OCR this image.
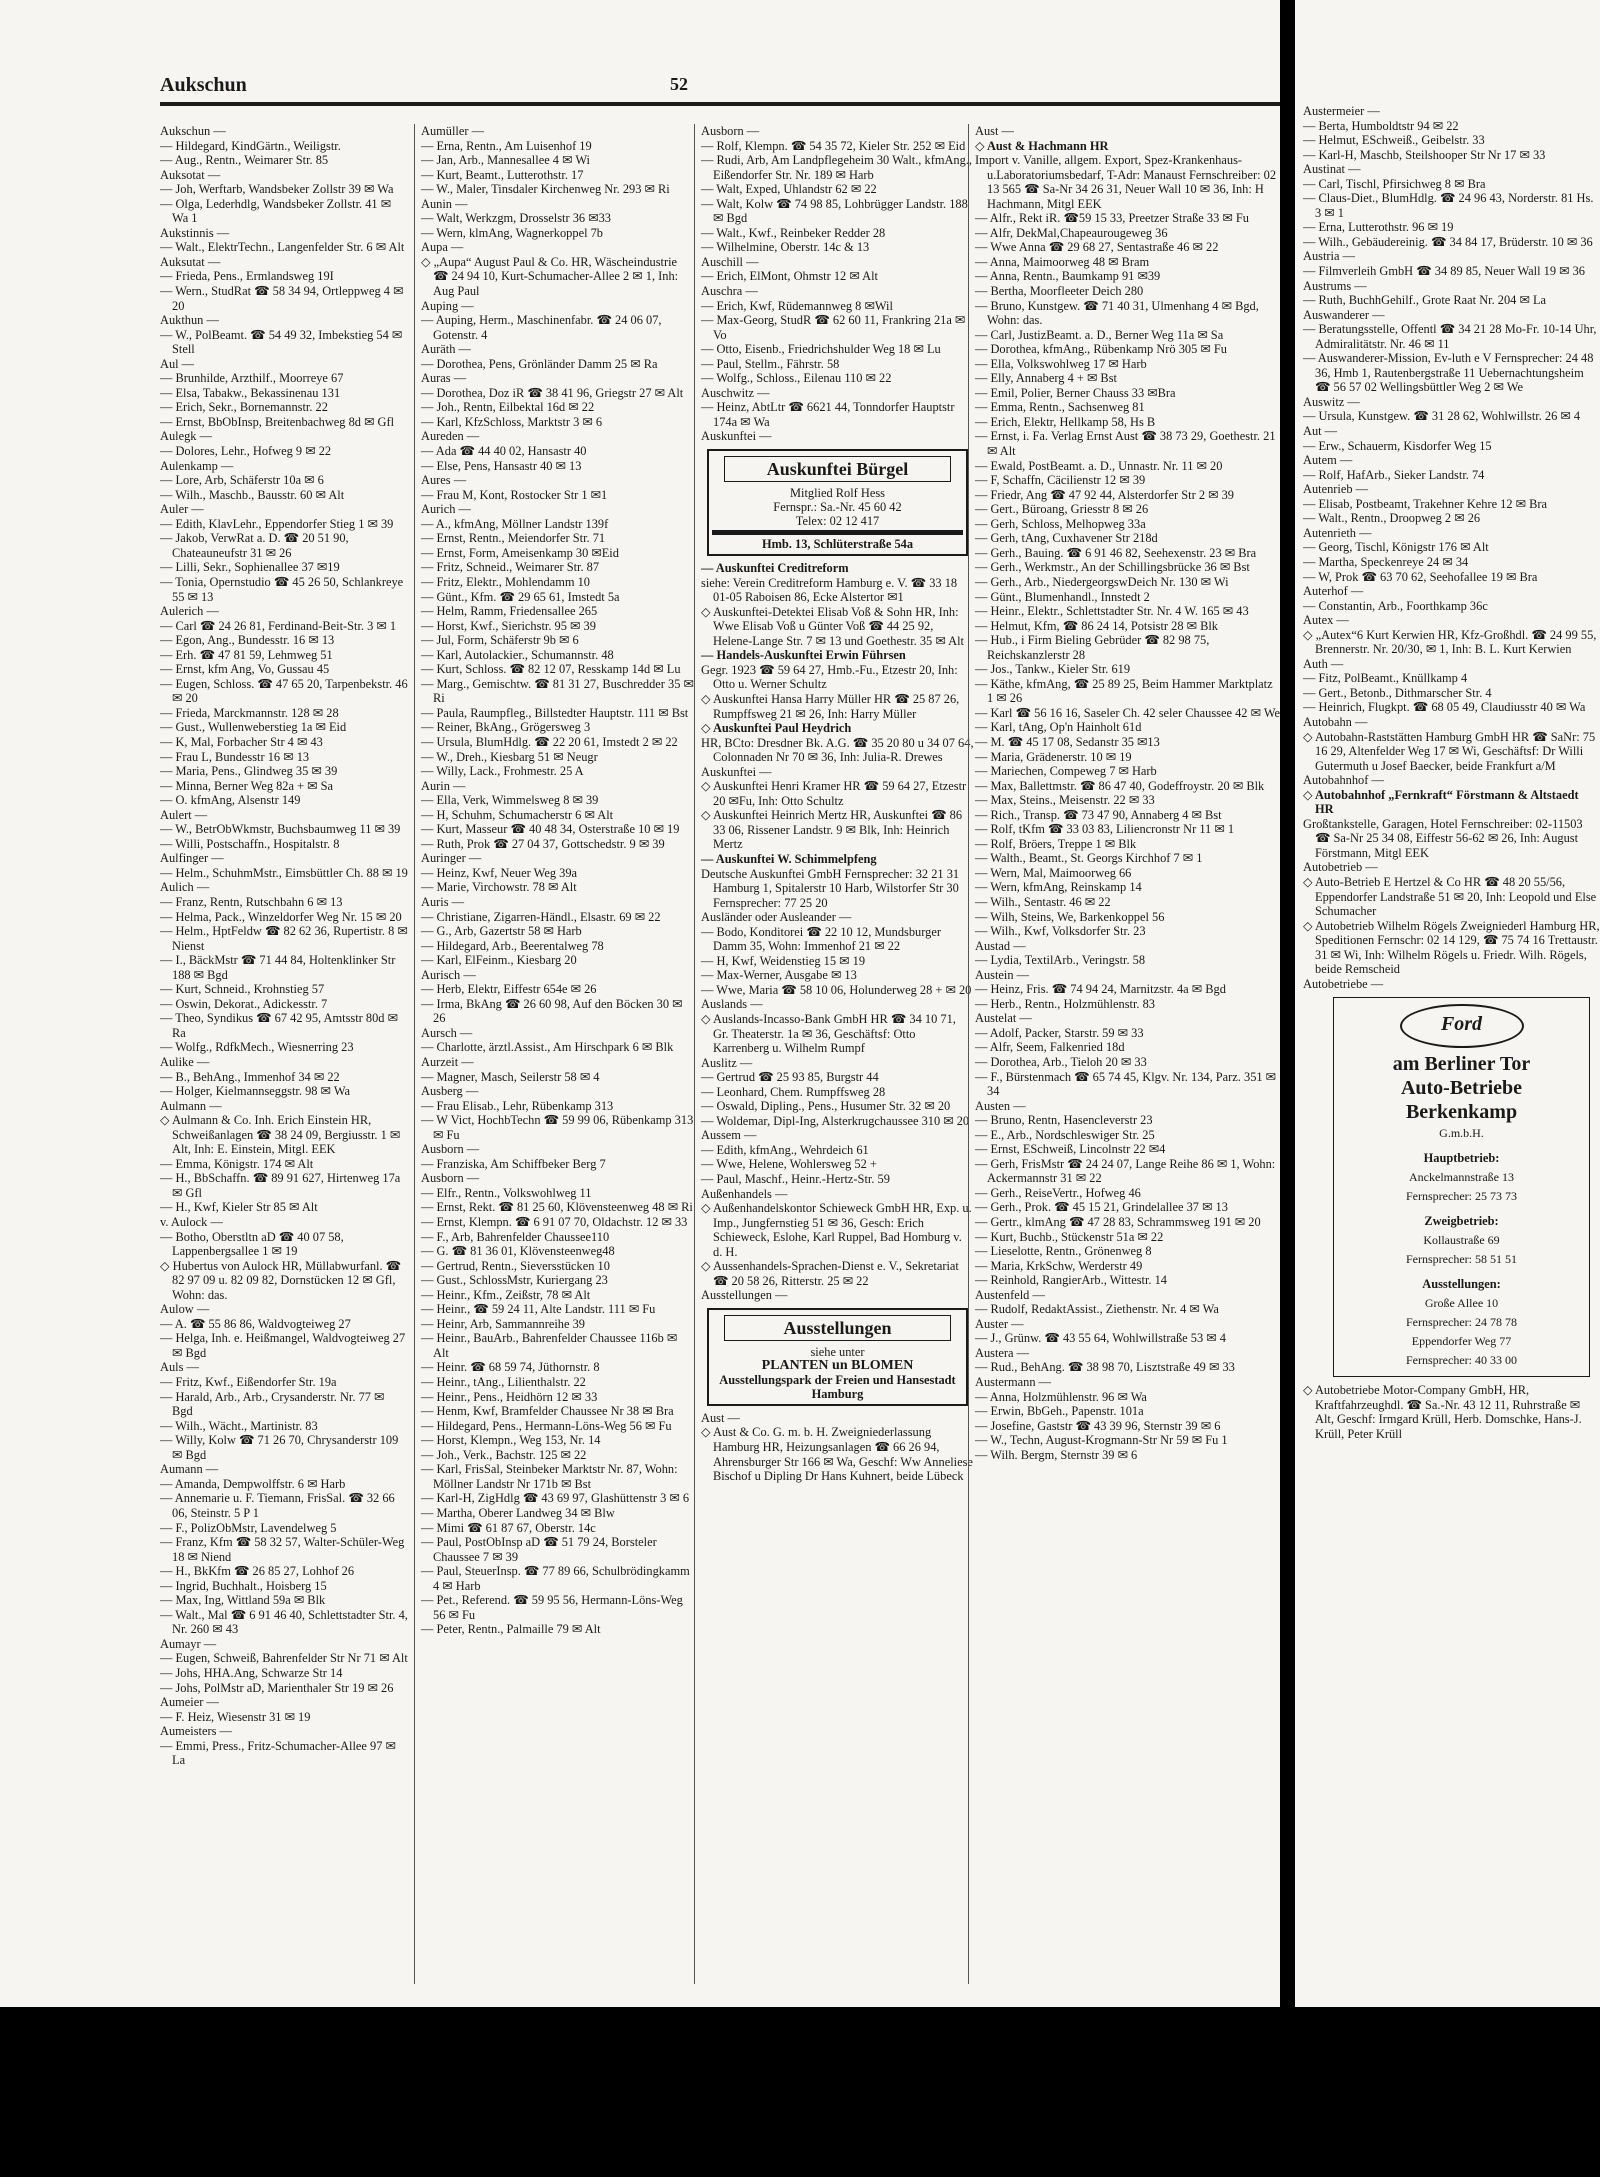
Aukschun	52
Aukschun —
— Hildegard, KindGärtn., Weiligstr.
— Aug., Rentn., Weimarer Str. 85
Auksotat —
— Joh, Werftarb, Wandsbeker Zollstr 39 ✉ Wa
— Olga, Lederhdlg, Wandsbeker Zollstr. 41 ✉ Wa 1
Aukstinnis —
— Walt., ElektrTechn., Langenfelder Str. 6 ✉ Alt
Auksutat —
— Frieda, Pens., Ermlandsweg 19I
— Wern., StudRat ☎ 58 34 94, Ortleppweg 4 ✉ 20
Aukthun —
— W., PolBeamt. ☎ 54 49 32, Imbekstieg 54 ✉ Stell
Aul —
— Brunhilde, Arzthilf., Moorreye 67
— Elsa, Tabakw., Bekassinenau 131
— Erich, Sekr., Bornemannstr. 22
— Ernst, BbObInsp, Breitenbachweg 8d ✉ Gfl
Aulegk —
— Dolores, Lehr., Hofweg 9 ✉ 22
Aulenkamp —
— Lore, Arb, Schäferstr 10a ✉ 6
— Wilh., Maschb., Bausstr. 60 ✉ Alt
Auler —
— Edith, KlavLehr., Eppendorfer Stieg 1 ✉ 39
— Jakob, VerwRat a. D. ☎ 20 51 90, Chateauneufstr 31 ✉ 26
— Lilli, Sekr., Sophienallee 37 ✉19
— Tonia, Opernstudio ☎ 45 26 50, Schlankreye 55 ✉ 13
Aulerich —
— Carl ☎ 24 26 81, Ferdinand-Beit-Str. 3 ✉ 1
— Egon, Ang., Bundesstr. 16 ✉ 13
— Erh. ☎ 47 81 59, Lehmweg 51
— Ernst, kfm Ang, Vo, Gussau 45
— Eugen, Schloss. ☎ 47 65 20, Tarpenbekstr. 46 ✉ 20
— Frieda, Marckmannstr. 128 ✉ 28
— Gust., Wullenweberstieg 1a ✉ Eid
— K, Mal, Forbacher Str 4 ✉ 43
— Frau L, Bundesstr 16 ✉ 13
— Maria, Pens., Glindweg 35 ✉ 39
— Minna, Berner Weg 82a + ✉ Sa
— O. kfmAng, Alsenstr 149
Aulert —
— W., BetrObWkmstr, Buchsbaumweg 11 ✉ 39
— Willi, Postschaffn., Hospitalstr. 8
Aulfinger —
— Helm., SchuhmMstr., Eimsbüttler Ch. 88 ✉ 19
Aulich —
— Franz, Rentn, Rutschbahn 6 ✉ 13
— Helma, Pack., Winzeldorfer Weg Nr. 15 ✉ 20
— Helm., HptFeldw ☎ 82 62 36, Rupertistr. 8 ✉ Nienst
— I., BäckMstr ☎ 71 44 84, Holtenklinker Str 188 ✉ Bgd
— Kurt, Schneid., Krohnstieg 57
— Oswin, Dekorat., Adickesstr. 7
— Theo, Syndikus ☎ 67 42 95, Amtsstr 80d ✉ Ra
— Wolfg., RdfkMech., Wiesnerring 23
Aulike —
— B., BehAng., Immenhof 34 ✉ 22
— Holger, Kielmannseggstr. 98 ✉ Wa
Aulmann —
◇ Aulmann & Co. Inh. Erich Einstein HR, Schweißanlagen ☎ 38 24 09, Bergiusstr. 1 ✉ Alt, Inh: E. Einstein, Mitgl. EEK
— Emma, Königstr. 174 ✉ Alt
— H., BbSchaffn. ☎ 89 91 627, Hirtenweg 17a ✉ Gfl
— H., Kwf, Kieler Str 85 ✉ Alt
v. Aulock —
— Botho, Oberstltn aD ☎ 40 07 58, Lappenbergsallee 1 ✉ 19
◇ Hubertus von Aulock HR, Müllabwurfanl. ☎ 82 97 09 u. 82 09 82, Dornstücken 12 ✉ Gfl, Wohn: das.
Aulow —
— A. ☎ 55 86 86, Waldvogteiweg 27
— Helga, Inh. e. Heißmangel, Waldvogteiweg 27 ✉ Bgd
Auls —
— Fritz, Kwf., Eißendorfer Str. 19a
— Harald, Arb., Arb., Crysanderstr. Nr. 77 ✉ Bgd
— Wilh., Wächt., Martinistr. 83
— Willy, Kolw ☎ 71 26 70, Chrysanderstr 109 ✉ Bgd
Aumann —
— Amanda, Dempwolffstr. 6 ✉ Harb
— Annemarie u. F. Tiemann, FrisSal. ☎ 32 66 06, Steinstr. 5 P 1
— F., PolizObMstr, Lavendelweg 5
— Franz, Kfm ☎ 58 32 57, Walter-Schüler-Weg 18 ✉ Niend
— H., BkKfm ☎ 26 85 27, Lohhof 26
— Ingrid, Buchhalt., Hoisberg 15
— Max, Ing, Wittland 59a ✉ Blk
— Walt., Mal ☎ 6 91 46 40, Schlettstadter Str. 4, Nr. 260 ✉ 43
Aumayr —
— Eugen, Schweiß, Bahrenfelder Str Nr 71 ✉ Alt
— Johs, HHA.Ang, Schwarze Str 14
— Johs, PolMstr aD, Marienthaler Str 19 ✉ 26
Aumeier —
— F. Heiz, Wiesenstr 31 ✉ 19
Aumeisters —
— Emmi, Press., Fritz-Schumacher-Allee 97 ✉ La
Aumüller —
— Erna, Rentn., Am Luisenhof 19
— Jan, Arb., Mannesallee 4 ✉ Wi
— Kurt, Beamt., Lutterothstr. 17
— W., Maler, Tinsdaler Kirchenweg Nr. 293 ✉ Ri
Aunin —
— Walt, Werkzgm, Drosselstr 36 ✉33
— Wern, klmAng, Wagnerkoppel 7b
Aupa —
◇ „Aupa“ August Paul & Co. HR, Wäscheindustrie ☎ 24 94 10, Kurt-Schumacher-Allee 2 ✉ 1, Inh: Aug Paul
Auping —
— Auping, Herm., Maschinenfabr. ☎ 24 06 07, Gotenstr. 4
Auräth —
— Dorothea, Pens, Grönländer Damm 25 ✉ Ra
Auras —
— Dorothea, Doz iR ☎ 38 41 96, Griegstr 27 ✉ Alt
— Joh., Rentn, Eilbektal 16d ✉ 22
— Karl, KfzSchloss, Marktstr 3 ✉ 6
Aureden —
— Ada ☎ 44 40 02, Hansastr 40
— Else, Pens, Hansastr 40 ✉ 13
Aures —
— Frau M, Kont, Rostocker Str 1 ✉1
Aurich —
— A., kfmAng, Möllner Landstr 139f
— Ernst, Rentn., Meiendorfer Str. 71
— Ernst, Form, Ameisenkamp 30 ✉Eid
— Fritz, Schneid., Weimarer Str. 87
— Fritz, Elektr., Mohlendamm 10
— Günt., Kfm. ☎ 29 65 61, Imstedt 5a
— Helm, Ramm, Friedensallee 265
— Horst, Kwf., Sierichstr. 95 ✉ 39
— Jul, Form, Schäferstr 9b ✉ 6
— Karl, Autolackier., Schumannstr. 48
— Kurt, Schloss. ☎ 82 12 07, Resskamp 14d ✉ Lu
— Marg., Gemischtw. ☎ 81 31 27, Buschredder 35 ✉ Ri
— Paula, Raumpfleg., Billstedter Hauptstr. 111 ✉ Bst
— Reiner, BkAng., Grögersweg 3
— Ursula, BlumHdlg. ☎ 22 20 61, Imstedt 2 ✉ 22
— W., Dreh., Kiesbarg 51 ✉ Neugr
— Willy, Lack., Frohmestr. 25 A
Aurin —
— Ella, Verk, Wimmelsweg 8 ✉ 39
— H, Schuhm, Schumacherstr 6 ✉ Alt
— Kurt, Masseur ☎ 40 48 34, Osterstraße 10 ✉ 19
— Ruth, Prok ☎ 27 04 37, Gottschedstr. 9 ✉ 39
Auringer —
— Heinz, Kwf, Neuer Weg 39a
— Marie, Virchowstr. 78 ✉ Alt
Auris —
— Christiane, Zigarren-Händl., Elsastr. 69 ✉ 22
— G., Arb, Gazertstr 58 ✉ Harb
— Hildegard, Arb., Beerentalweg 78
— Karl, ElFeinm., Kiesbarg 20
Aurisch —
— Herb, Elektr, Eiffestr 654e ✉ 26
— Irma, BkAng ☎ 26 60 98, Auf den Böcken 30 ✉ 26
Aursch —
— Charlotte, ärztl.Assist., Am Hirschpark 6 ✉ Blk
Aurzeit —
— Magner, Masch, Seilerstr 58 ✉ 4
Ausberg —
— Frau Elisab., Lehr, Rübenkamp 313
— W Vict, HochbTechn ☎ 59 99 06, Rübenkamp 313 ✉ Fu
Ausborn —
— Franziska, Am Schiffbeker Berg 7
Ausborn —
— Elfr., Rentn., Volkswohlweg 11
— Ernst, Rekt. ☎ 81 25 60, Klövensteenweg 48 ✉ Ri
— Ernst, Klempn. ☎ 6 91 07 70, Oldachstr. 12 ✉ 33
— F., Arb, Bahrenfelder Chaussee110
— G. ☎ 81 36 01, Klövensteenweg48
— Gertrud, Rentn., Sieversstücken 10
— Gust., SchlossMstr, Kuriergang 23
— Heinr., Kfm., Zeißstr, 78 ✉ Alt
— Heinr., ☎ 59 24 11, Alte Landstr. 111 ✉ Fu
— Heinr, Arb, Sammannreihe 39
— Heinr., BauArb., Bahrenfelder Chaussee 116b ✉ Alt
— Heinr. ☎ 68 59 74, Jüthornstr. 8
— Heinr., tAng., Lilienthalstr. 22
— Heinr., Pens., Heidhörn 12 ✉ 33
— Henm, Kwf, Bramfelder Chaussee Nr 38 ✉ Bra
— Hildegard, Pens., Hermann-Löns-Weg 56 ✉ Fu
— Horst, Klempn., Weg 153, Nr. 14
— Joh., Verk., Bachstr. 125 ✉ 22
— Karl, FrisSal, Steinbeker Marktstr Nr. 87, Wohn: Möllner Landstr Nr 171b ✉ Bst
— Karl-H, ZigHdlg ☎ 43 69 97, Glashüttenstr 3 ✉ 6
— Martha, Oberer Landweg 34 ✉ Blw
— Mimi ☎ 61 87 67, Oberstr. 14c
— Paul, PostObInsp aD ☎ 51 79 24, Borsteler Chaussee 7 ✉ 39
— Paul, SteuerInsp. ☎ 77 89 66, Schulbrödingkamm 4 ✉ Harb
— Pet., Referend. ☎ 59 95 56, Hermann-Löns-Weg 56 ✉ Fu
— Peter, Rentn., Palmaille 79 ✉ Alt
Ausborn —
— Rolf, Klempn. ☎ 54 35 72, Kieler Str. 252 ✉ Eid
— Rudi, Arb, Am Landpflegeheim 30 Walt., kfmAng., Eißendorfer Str. Nr. 189 ✉ Harb
— Walt, Exped, Uhlandstr 62 ✉ 22
— Walt, Kolw ☎ 74 98 85, Lohbrügger Landstr. 188 ✉ Bgd
— Walt., Kwf., Reinbeker Redder 28
— Wilhelmine, Oberstr. 14c & 13
Auschill —
— Erich, ElMont, Ohmstr 12 ✉ Alt
Auschra —
— Erich, Kwf, Rüdemannweg 8 ✉Wil
— Max-Georg, StudR ☎ 62 60 11, Frankring 21a ✉ Vo
— Otto, Eisenb., Friedrichshulder Weg 18 ✉ Lu
— Paul, Stellm., Fährstr. 58
— Wolfg., Schloss., Eilenau 110 ✉ 22
Auschwitz —
— Heinz, AbtLtr ☎ 6621 44, Tonndorfer Hauptstr 174a ✉ Wa
Auskunftei —
Auskunftei Bürgel
Mitglied Rolf Hess
Fernspr.: Sa.-Nr. 45 60 42
Telex: 02 12 417
Hmb. 13, Schlüterstraße 54a
— Auskunftei Creditreform
siehe: Verein Creditreform Hamburg e. V. ☎ 33 18 01-05 Raboisen 86, Ecke Alstertor ✉1
◇ Auskunftei-Detektei Elisab Voß & Sohn HR, Inh: Wwe Elisab Voß u Günter Voß ☎ 44 25 92, Helene-Lange Str. 7 ✉ 13 und Goethestr. 35 ✉ Alt
— Handels-Auskunftei Erwin Führsen
Gegr. 1923 ☎ 59 64 27, Hmb.-Fu., Etzestr 20, Inh: Otto u. Werner Schultz
◇ Auskunftei Hansa Harry Müller HR ☎ 25 87 26, Rumpffsweg 21 ✉ 26, Inh: Harry Müller
◇ Auskunftei Paul Heydrich
HR, BCto: Dresdner Bk. A.G. ☎ 35 20 80 u 34 07 64, Colonnaden Nr 70 ✉ 36, Inh: Julia-R. Drewes
Auskunftei —
◇ Auskunftei Henri Kramer HR ☎ 59 64 27, Etzestr 20 ✉Fu, Inh: Otto Schultz
◇ Auskunftei Heinrich Mertz HR, Auskunftei ☎ 86 33 06, Rissener Landstr. 9 ✉ Blk, Inh: Heinrich Mertz
— Auskunftei W. Schimmelpfeng
Deutsche Auskunftei GmbH Fernsprecher: 32 21 31 Hamburg 1, Spitalerstr 10 Harb, Wilstorfer Str 30 Fernsprecher: 77 25 20
Ausländer oder Ausleander —
— Bodo, Konditorei ☎ 22 10 12, Mundsburger Damm 35, Wohn: Immenhof 21 ✉ 22
— H, Kwf, Weidenstieg 15 ✉ 19
— Max-Werner, Ausgabe ✉ 13
— Wwe, Maria ☎ 58 10 06, Holunderweg 28 + ✉ 20
Auslands —
◇ Auslands-Incasso-Bank GmbH HR ☎ 34 10 71, Gr. Theaterstr. 1a ✉ 36, Geschäftsf: Otto Karrenberg u. Wilhelm Rumpf
Auslitz —
— Gertrud ☎ 25 93 85, Burgstr 44
— Leonhard, Chem. Rumpffsweg 28
— Oswald, Dipling., Pens., Husumer Str. 32 ✉ 20
— Woldemar, Dipl-Ing, Alsterkrugchaussee 310 ✉ 20
Aussem —
— Edith, kfmAng., Wehrdeich 61
— Wwe, Helene, Wohlersweg 52 +
— Paul, Maschf., Heinr.-Hertz-Str. 59
Außenhandels —
◇ Außenhandelskontor Schieweck GmbH HR, Exp. u. Imp., Jungfernstieg 51 ✉ 36, Gesch: Erich Schieweck, Eslohe, Karl Ruppel, Bad Homburg v. d. H.
◇ Aussenhandels-Sprachen-Dienst e. V., Sekretariat ☎ 20 58 26, Ritterstr. 25 ✉ 22
Ausstellungen —
Ausstellungen
siehe unter
PLANTEN un BLOMEN
Ausstellungspark der Freien und Hansestadt Hamburg
Aust —
◇ Aust & Co. G. m. b. H. Zweigniederlassung Hamburg HR, Heizungsanlagen ☎ 66 26 94, Ahrensburger Str 166 ✉ Wa, Geschf: Ww Anneliese Bischof u Dipling Dr Hans Kuhnert, beide Lübeck
Aust —
◇ Aust & Hachmann HR
Import v. Vanille, allgem. Export, Spez-Krankenhaus-u.Laboratoriumsbedarf, T-Adr: Manaust Fernschreiber: 02 13 565 ☎ Sa-Nr 34 26 31, Neuer Wall 10 ✉ 36, Inh: H Hachmann, Mitgl EEK
— Alfr., Rekt iR. ☎59 15 33, Preetzer Straße 33 ✉ Fu
— Alfr, DekMal,Chapeaurougeweg 36
— Wwe Anna ☎ 29 68 27, Sentastraße 46 ✉ 22
— Anna, Maimoorweg 48 ✉ Bram
— Anna, Rentn., Baumkamp 91 ✉39
— Bertha, Moorfleeter Deich 280
— Bruno, Kunstgew. ☎ 71 40 31, Ulmenhang 4 ✉ Bgd, Wohn: das.
— Carl, JustizBeamt. a. D., Berner Weg 11a ✉ Sa
— Dorothea, kfmAng., Rübenkamp Nrö 305 ✉ Fu
— Ella, Volkswohlweg 17 ✉ Harb
— Elly, Annaberg 4 + ✉ Bst
— Emil, Polier, Berner Chauss 33 ✉Bra
— Emma, Rentn., Sachsenweg 81
— Erich, Elektr, Hellkamp 58, Hs B
— Ernst, i. Fa. Verlag Ernst Aust ☎ 38 73 29, Goethestr. 21 ✉ Alt
— Ewald, PostBeamt. a. D., Unnastr. Nr. 11 ✉ 20
— F, Schaffn, Cäcilienstr 12 ✉ 39
— Friedr, Ang ☎ 47 92 44, Alsterdorfer Str 2 ✉ 39
— Gert., Büroang, Griesstr 8 ✉ 26
— Gerh, Schloss, Melhopweg 33a
— Gerh, tAng, Cuxhavener Str 218d
— Gerh., Bauing. ☎ 6 91 46 82, Seehexenstr. 23 ✉ Bra
— Gerh., Werkmstr., An der Schillingsbrücke 36 ✉ Bst
— Gerh., Arb., NiedergeorgswDeich Nr. 130 ✉ Wi
— Günt., Blumenhandl., Innstedt 2
— Heinr., Elektr., Schlettstadter Str. Nr. 4 W. 165 ✉ 43
— Helmut, Kfm, ☎ 86 24 14, Potsistr 28 ✉ Blk
— Hub., i Firm Bieling Gebrüder ☎ 82 98 75, Reichskanzlerstr 28
— Jos., Tankw., Kieler Str. 619
— Käthe, kfmAng, ☎ 25 89 25, Beim Hammer Marktplatz 1 ✉ 26
— Karl ☎ 56 16 16, Saseler Ch. 42 seler Chaussee 42 ✉ We
— Karl, tAng, Op'n Hainholt 61d
— M. ☎ 45 17 08, Sedanstr 35 ✉13
— Maria, Grädenerstr. 10 ✉ 19
— Mariechen, Compeweg 7 ✉ Harb
— Max, Ballettmstr. ☎ 86 47 40, Godeffroystr. 20 ✉ Blk
— Max, Steins., Meisenstr. 22 ✉ 33
— Rich., Transp. ☎ 73 47 90, Annaberg 4 ✉ Bst
— Rolf, tKfm ☎ 33 03 83, Liliencronstr Nr 11 ✉ 1
— Rolf, Bröers, Treppe 1 ✉ Blk
— Walth., Beamt., St. Georgs Kirchhof 7 ✉ 1
— Wern, Mal, Maimoorweg 66
— Wern, kfmAng, Reinskamp 14
— Wilh., Sentastr. 46 ✉ 22
— Wilh, Steins, We, Barkenkoppel 56
— Wilh., Kwf, Volksdorfer Str. 23
Austad —
— Lydia, TextilArb., Veringstr. 58
Austein —
— Heinz, Fris. ☎ 74 94 24, Marnitzstr. 4a ✉ Bgd
— Herb., Rentn., Holzmühlenstr. 83
Austelat —
— Adolf, Packer, Starstr. 59 ✉ 33
— Alfr, Seem, Falkenried 18d
— Dorothea, Arb., Tieloh 20 ✉ 33
— F., Bürstenmach ☎ 65 74 45, Klgv. Nr. 134, Parz. 351 ✉ 34
Austen —
— Bruno, Rentn, Hasencleverstr 23
— E., Arb., Nordschleswiger Str. 25
— Ernst, ESchweiß, Lincolnstr 22 ✉4
— Gerh, FrisMstr ☎ 24 24 07, Lange Reihe 86 ✉ 1, Wohn: Ackermannstr 31 ✉ 22
— Gerh., ReiseVertr., Hofweg 46
— Gerh., Prok. ☎ 45 15 21, Grindelallee 37 ✉ 13
— Gertr., klmAng ☎ 47 28 83, Schrammsweg 191 ✉ 20
— Kurt, Buchb., Stückenstr 51a ✉ 22
— Lieselotte, Rentn., Grönenweg 8
— Maria, KrkSchw, Werderstr 49
— Reinhold, RangierArb., Wittestr. 14
Austenfeld —
— Rudolf, RedaktAssist., Ziethenstr. Nr. 4 ✉ Wa
Auster —
— J., Grünw. ☎ 43 55 64, Wohlwillstraße 53 ✉ 4
Austera —
— Rud., BehAng. ☎ 38 98 70, Lisztstraße 49 ✉ 33
Austermann —
— Anna, Holzmühlenstr. 96 ✉ Wa
— Erwin, BbGeh., Papenstr. 101a
— Josefine, Gaststr ☎ 43 39 96, Sternstr 39 ✉ 6
— W., Techn, August-Krogmann-Str Nr 59 ✉ Fu 1
— Wilh. Bergm, Sternstr 39 ✉ 6
Austermeier —
— Berta, Humboldtstr 94 ✉ 22
— Helmut, ESchweiß., Geibelstr. 33
— Karl-H, Maschb, Steilshooper Str Nr 17 ✉ 33
Austinat —
— Carl, Tischl, Pfirsichweg 8 ✉ Bra
— Claus-Diet., BlumHdlg. ☎ 24 96 43, Norderstr. 81 Hs. 3 ✉ 1
— Erna, Lutterothstr. 96 ✉ 19
— Wilh., Gebäudereinig. ☎ 34 84 17, Brüderstr. 10 ✉ 36
Austria —
— Filmverleih GmbH ☎ 34 89 85, Neuer Wall 19 ✉ 36
Austrums —
— Ruth, BuchhGehilf., Grote Raat Nr. 204 ✉ La
Auswanderer —
— Beratungsstelle, Offentl ☎ 34 21 28 Mo-Fr. 10-14 Uhr, Admiralitätstr. Nr. 46 ✉ 11
— Auswanderer-Mission, Ev-luth e V Fernsprecher: 24 48 36, Hmb 1, Rautenbergstraße 11 Uebernachtungsheim ☎ 56 57 02 Wellingsbüttler Weg 2 ✉ We
Auswitz —
— Ursula, Kunstgew. ☎ 31 28 62, Wohlwillstr. 26 ✉ 4
Aut —
— Erw., Schauerm, Kisdorfer Weg 15
Autem —
— Rolf, HafArb., Sieker Landstr. 74
Autenrieb —
— Elisab, Postbeamt, Trakehner Kehre 12 ✉ Bra
— Walt., Rentn., Droopweg 2 ✉ 26
Autenrieth —
— Georg, Tischl, Königstr 176 ✉ Alt
— Martha, Speckenreye 24 ✉ 34
— W, Prok ☎ 63 70 62, Seehofallee 19 ✉ Bra
Auterhof —
— Constantin, Arb., Foorthkamp 36c
Autex —
◇ „Autex“6 Kurt Kerwien HR, Kfz-Großhdl. ☎ 24 99 55, Brennerstr. Nr. 20/30, ✉ 1, Inh: B. L. Kurt Kerwien
Auth —
— Fitz, PolBeamt., Knüllkamp 4
— Gert., Betonb., Dithmarscher Str. 4
— Heinrich, Flugkpt. ☎ 68 05 49, Claudiusstr 40 ✉ Wa
Autobahn —
◇ Autobahn-Raststätten Hamburg GmbH HR ☎ SaNr: 75 16 29, Altenfelder Weg 17 ✉ Wi, Geschäftsf: Dr Willi Gutermuth u Josef Baecker, beide Frankfurt a/M
Autobahnhof —
◇ Autobahnhof „Fernkraft“ Förstmann & Altstaedt HR
Großtankstelle, Garagen, Hotel Fernschreiber: 02-11503 ☎ Sa-Nr 25 34 08, Eiffestr 56-62 ✉ 26, Inh: August Förstmann, Mitgl EEK
Autobetrieb —
◇ Auto-Betrieb E Hertzel & Co HR ☎ 48 20 55/56, Eppendorfer Landstraße 51 ✉ 20, Inh: Leopold und Else Schumacher
◇ Autobetrieb Wilhelm Rögels Zweigniederl Hamburg HR, Speditionen Fernschr: 02 14 129, ☎ 75 74 16 Trettaustr. 31 ✉ Wi, Inh: Wilhelm Rögels u. Friedr. Wilh. Rögels, beide Remscheid
Autobetriebe —
Ford
am Berliner Tor
Auto-Betriebe
Berkenkamp
G.m.b.H.
Hauptbetrieb:
Anckelmannstraße 13
Fernsprecher: 25 73 73
Zweigbetrieb:
Kollaustraße 69
Fernsprecher: 58 51 51
Ausstellungen:
Große Allee 10
Fernsprecher: 24 78 78
Eppendorfer Weg 77
Fernsprecher: 40 33 00
◇ Autobetriebe Motor-Company GmbH, HR, Kraftfahrzeughdl. ☎ Sa.-Nr. 43 12 11, Ruhrstraße ✉ Alt, Geschf: Irmgard Krüll, Herb. Domschke, Hans-J. Krüll, Peter Krüll
